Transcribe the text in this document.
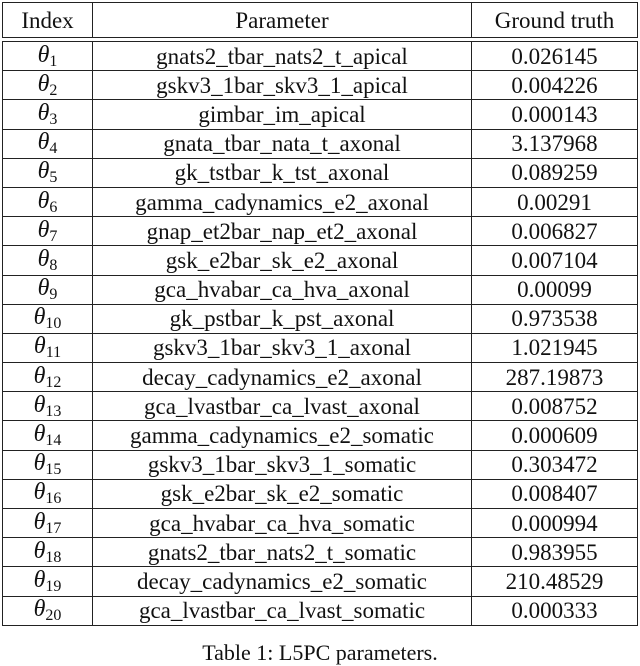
Index	Parameter	Ground truth

$\theta_1$	gnats2_tbar_nats2_t_apical	0.026145
$\theta_2$	gskv3_1bar_skv3_1_apical	0.004226
$\theta_3$	gimbar_im_apical	0.000143
$\theta_4$	gnata_tbar_nata_t_axonal	3.137968
$\theta_5$	gk_tstbar_k_tst_axonal	0.089259
$\theta_6$	gamma_cadynamics_e2_axonal	0.00291
$\theta_7$	gnap_et2bar_nap_et2_axonal	0.006827
$\theta_8$	gsk_e2bar_sk_e2_axonal	0.007104
$\theta_9$	gca_hvabar_ca_hva_axonal	0.00099
$\theta_{10}$	gk_pstbar_k_pst_axonal	0.973538
$\theta_{11}$	gskv3_1bar_skv3_1_axonal	1.021945
$\theta_{12}$	decay_cadynamics_e2_axonal	287.19873
$\theta_{13}$	gca_lvastbar_ca_lvast_axonal	0.008752
$\theta_{14}$	gamma_cadynamics_e2_somatic	0.000609
$\theta_{15}$	gskv3_1bar_skv3_1_somatic	0.303472
$\theta_{16}$	gsk_e2bar_sk_e2_somatic	0.008407
$\theta_{17}$	gca_hvabar_ca_hva_somatic	0.000994
$\theta_{18}$	gnats2_tbar_nats2_t_somatic	0.983955
$\theta_{19}$	decay_cadynamics_e2_somatic	210.48529
$\theta_{20}$	gca_lvastbar_ca_lvast_somatic	0.000333
Table 1: L5PC parameters.
